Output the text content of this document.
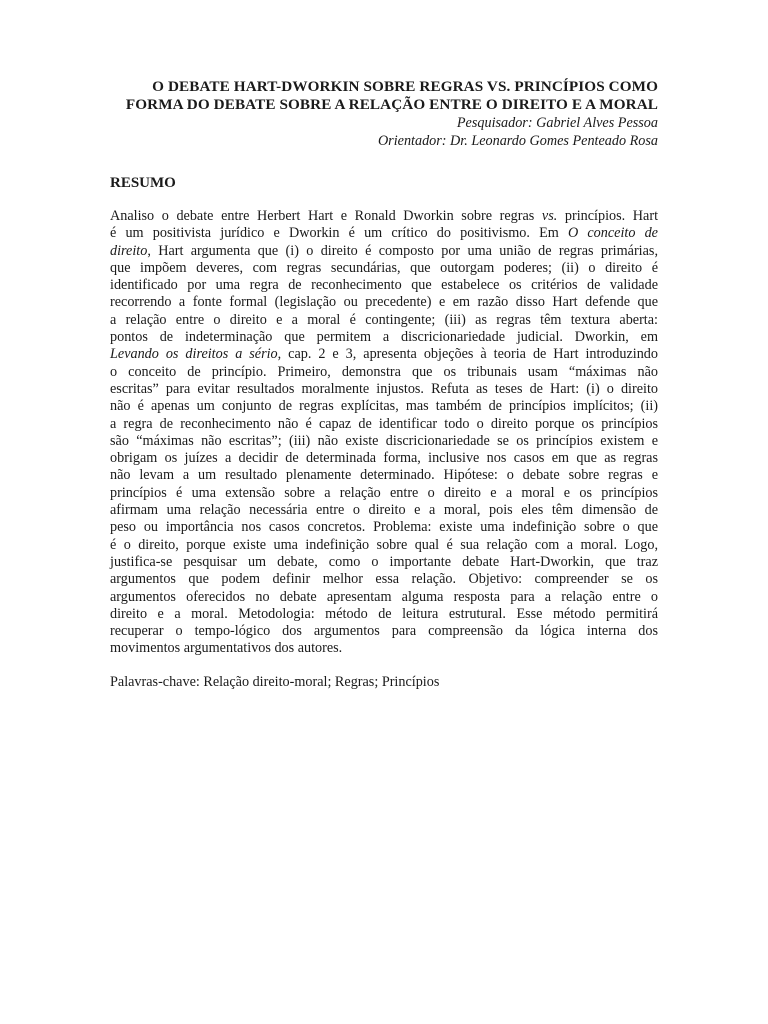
O DEBATE HART-DWORKIN SOBRE REGRAS VS. PRINCÍPIOS COMO
FORMA DO DEBATE SOBRE A RELAÇÃO ENTRE O DIREITO E A MORAL

Pesquisador: Gabriel Alves Pessoa

Orientador: Dr. Leonardo Gomes Penteado Rosa

RESUMO
Analiso o debate entre Herbert Hart e Ronald Dworkin sobre regras vs. princípios. Hart
é um positivista jurídico e Dworkin é um crítico do positivismo. Em O conceito de
direito, Hart argumenta que (i) o direito é composto por uma união de regras primárias,
que impõem deveres, com regras secundárias, que outorgam poderes; (ii) o direito é
identificado por uma regra de reconhecimento que estabelece os critérios de validade
recorrendo a fonte formal (legislação ou precedente) e em razão disso Hart defende que
a relação entre o direito e a moral é contingente; (iii) as regras têm textura aberta:
pontos de indeterminação que permitem a discricionariedade judicial. Dworkin, em
Levando os direitos a sério, cap. 2 e 3, apresenta objeções à teoria de Hart introduzindo
o conceito de princípio. Primeiro, demonstra que os tribunais usam “máximas não
escritas” para evitar resultados moralmente injustos. Refuta as teses de Hart: (i) o direito
não é apenas um conjunto de regras explícitas, mas também de princípios implícitos; (ii)
a regra de reconhecimento não é capaz de identificar todo o direito porque os princípios
são “máximas não escritas”; (iii) não existe discricionariedade se os princípios existem e
obrigam os juízes a decidir de determinada forma, inclusive nos casos em que as regras
não levam a um resultado plenamente determinado. Hipótese: o debate sobre regras e
princípios é uma extensão sobre a relação entre o direito e a moral e os princípios
afirmam uma relação necessária entre o direito e a moral, pois eles têm dimensão de
peso ou importância nos casos concretos. Problema: existe uma indefinição sobre o que
é o direito, porque existe uma indefinição sobre qual é sua relação com a moral. Logo,
justifica-se pesquisar um debate, como o importante debate Hart-Dworkin, que traz
argumentos que podem definir melhor essa relação. Objetivo: compreender se os
argumentos oferecidos no debate apresentam alguma resposta para a relação entre o
direito e a moral. Metodologia: método de leitura estrutural. Esse método permitirá
recuperar o tempo-lógico dos argumentos para compreensão da lógica interna dos
movimentos argumentativos dos autores.

Palavras-chave: Relação direito-moral; Regras; Princípios
